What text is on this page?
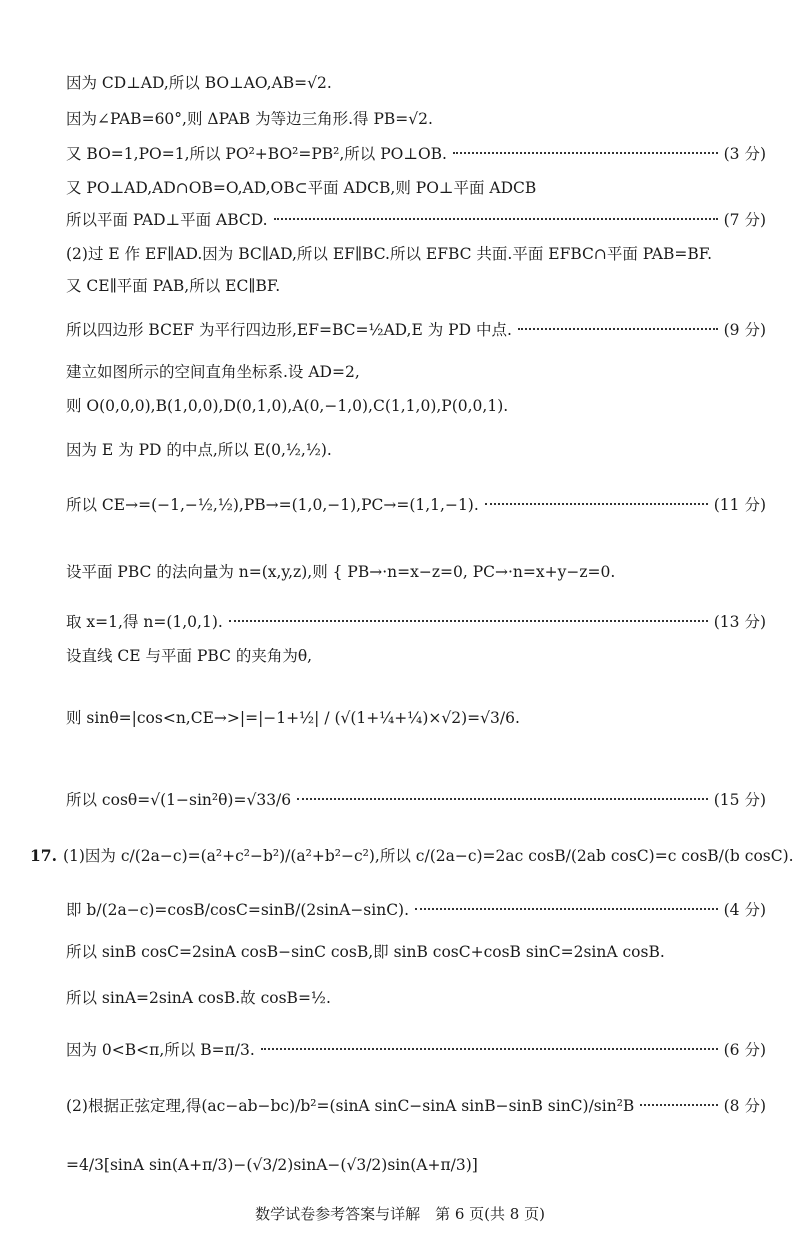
因为 CD⊥AD,所以 BO⊥AO,AB=√2.
因为∠PAB=60°,则 ΔPAB 为等边三角形.得 PB=√2.
又 BO=1,PO=1,所以 PO²+BO²=PB²,所以 PO⊥OB.	(3 分)
又 PO⊥AD,AD∩OB=O,AD,OB⊂平面 ADCB,则 PO⊥平面 ADCB
所以平面 PAD⊥平面 ABCD.	(7 分)
(2)过 E 作 EF∥AD.因为 BC∥AD,所以 EF∥BC.所以 EFBC 共面.平面 EFBC∩平面 PAB=BF.
又 CE∥平面 PAB,所以 EC∥BF.
所以四边形 BCEF 为平行四边形,EF=BC=½AD,E 为 PD 中点.	(9 分)
建立如图所示的空间直角坐标系.设 AD=2,
则 O(0,0,0),B(1,0,0),D(0,1,0),A(0,−1,0),C(1,1,0),P(0,0,1).
因为 E 为 PD 的中点,所以 E(0,½,½).
所以 CE→=(−1,−½,½),PB→=(1,0,−1),PC→=(1,1,−1).	(11 分)
设平面 PBC 的法向量为 n=(x,y,z),则 { PB→·n=x−z=0, PC→·n=x+y−z=0.
取 x=1,得 n=(1,0,1).	(13 分)
设直线 CE 与平面 PBC 的夹角为θ,
则 sinθ=|cos<n,CE→>|=|−1+½| / (√(1+¼+¼)×√2)=√3/6.
所以 cosθ=√(1−sin²θ)=√33/6	(15 分)
17. (1)因为 c/(2a−c)=(a²+c²−b²)/(a²+b²−c²),所以 c/(2a−c)=2ac cosB/(2ab cosC)=c cosB/(b cosC).
即 b/(2a−c)=cosB/cosC=sinB/(2sinA−sinC).	(4 分)
所以 sinB cosC=2sinA cosB−sinC cosB,即 sinB cosC+cosB sinC=2sinA cosB.
所以 sinA=2sinA cosB.故 cosB=½.
因为 0<B<π,所以 B=π/3.	(6 分)
(2)根据正弦定理,得(ac−ab−bc)/b²=(sinA sinC−sinA sinB−sinB sinC)/sin²B	(8 分)
=4/3[sinA sin(A+π/3)−(√3/2)sinA−(√3/2)sin(A+π/3)]
数学试卷参考答案与详解　第 6 页(共 8 页)
